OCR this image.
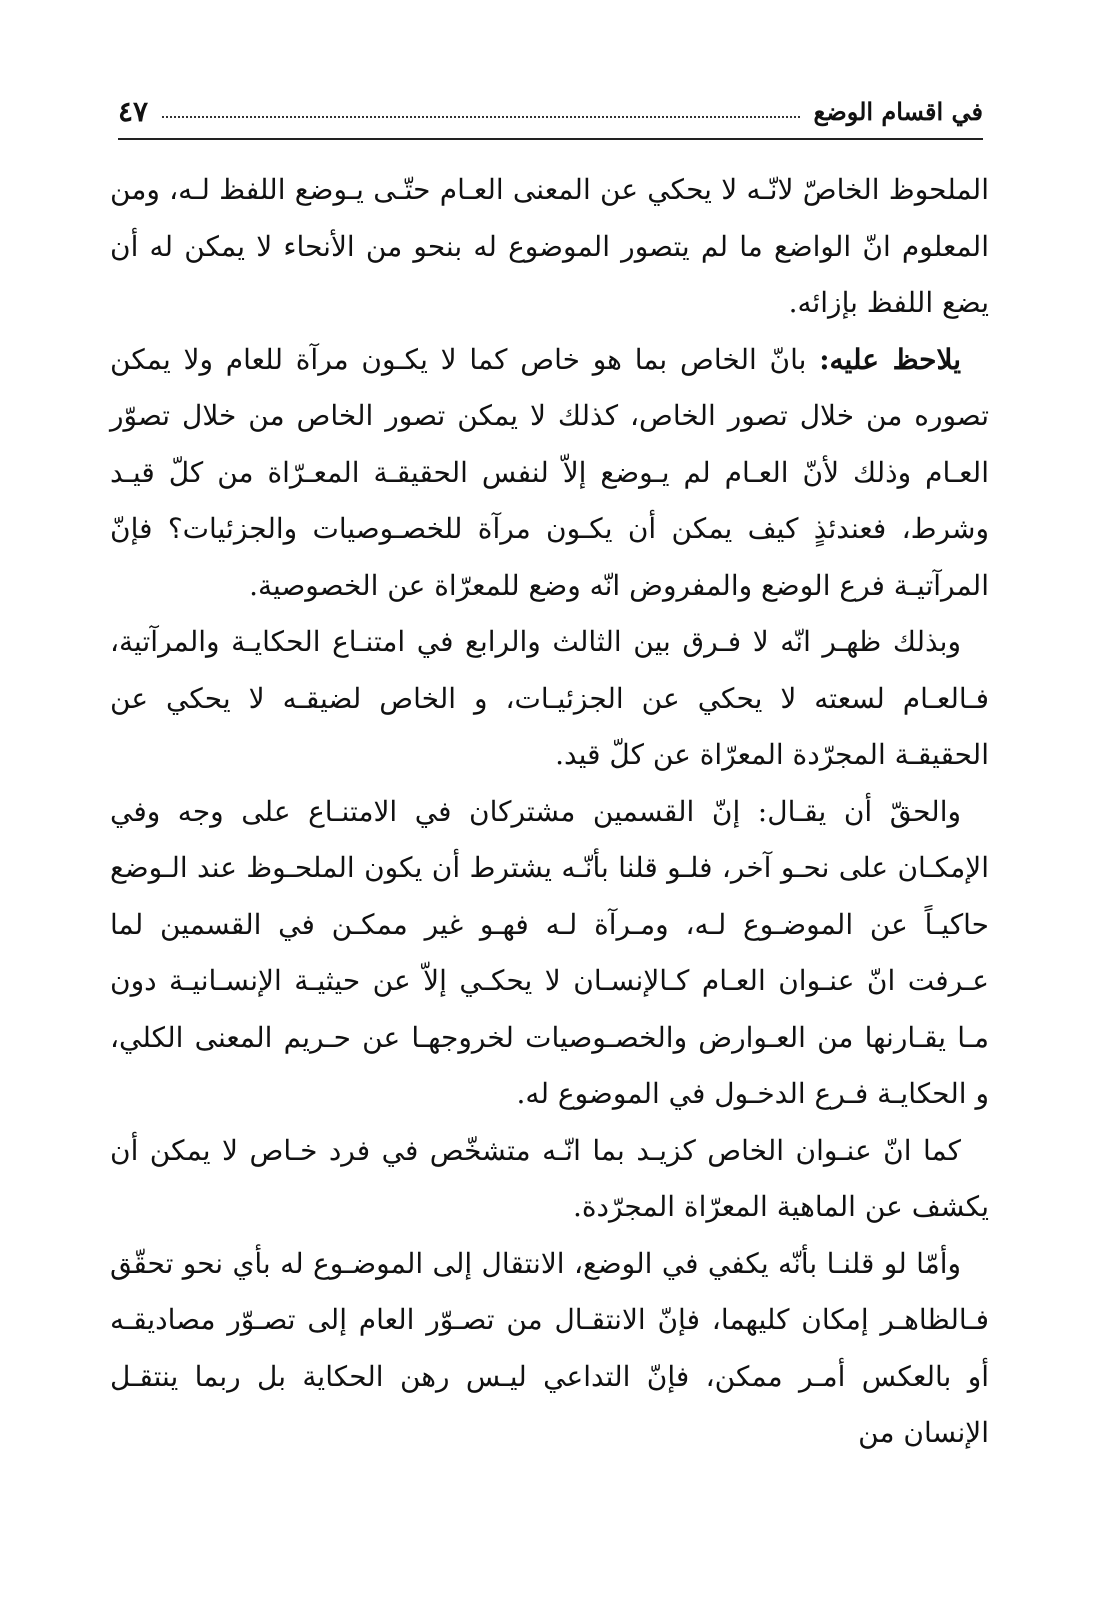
في اقسام الوضع
٤٧

الملحوظ الخاصّ لانّـه لا يحكي عن المعنى العـام حتّـى يـوضع اللفظ لـه، ومن المعلوم انّ الواضع ما لم يتصور الموضوع له بنحو من الأنحاء لا يمكن له أن يضع اللفظ بإزائه.

يلاحظ عليه: بانّ الخاص بما هو خاص كما لا يكـون مرآة للعام ولا يمكن تصوره من خلال تصور الخاص، كذلك لا يمكن تصور الخاص من خلال تصوّر العـام وذلك لأنّ العـام لم يـوضع إلاّ لنفس الحقيقـة المعـرّاة من كلّ قيـد وشرط، فعندئذٍ كيف يمكن أن يكـون مرآة للخصـوصيات والجزئيات؟ فإنّ المرآتيـة فرع الوضع والمفروض انّه وضع للمعرّاة عن الخصوصية.

وبذلك ظهـر انّه لا فـرق بين الثالث والرابع في امتنـاع الحكايـة والمرآتية، فـالعـام لسعته لا يحكي عن الجزئيـات، و الخاص لضيقـه لا يحكي عن الحقيقـة المجرّدة المعرّاة عن كلّ قيد.

والحقّ أن يقـال: إنّ القسمين مشتركان في الامتنـاع على وجه وفي الإمكـان على نحـو آخر، فلـو قلنا بأنّـه يشترط أن يكون الملحـوظ عند الـوضع حاكيـاً عن الموضـوع لـه، ومـرآة لـه فهـو غير ممكـن في القسمين لما عـرفت انّ عنـوان العـام كـالإنسـان لا يحكـي إلاّ عن حيثيـة الإنسـانيـة دون مـا يقـارنها من العـوارض والخصـوصيات لخروجهـا عن حـريم المعنى الكلي، و الحكايـة فـرع الدخـول في الموضوع له.

كما انّ عنـوان الخاص كزيـد بما انّـه متشخّص في فرد خـاص لا يمكن أن يكشف عن الماهية المعرّاة المجرّدة.

وأمّا لو قلنـا بأنّه يكفي في الوضع، الانتقال إلى الموضـوع له بأي نحو تحقّق فـالظاهـر إمكان كليهما، فإنّ الانتقـال من تصـوّر العام إلى تصـوّر مصاديقـه أو بالعكس أمـر ممكن، فإنّ التداعي ليـس رهن الحكاية بل ربما ينتقـل الإنسان من
